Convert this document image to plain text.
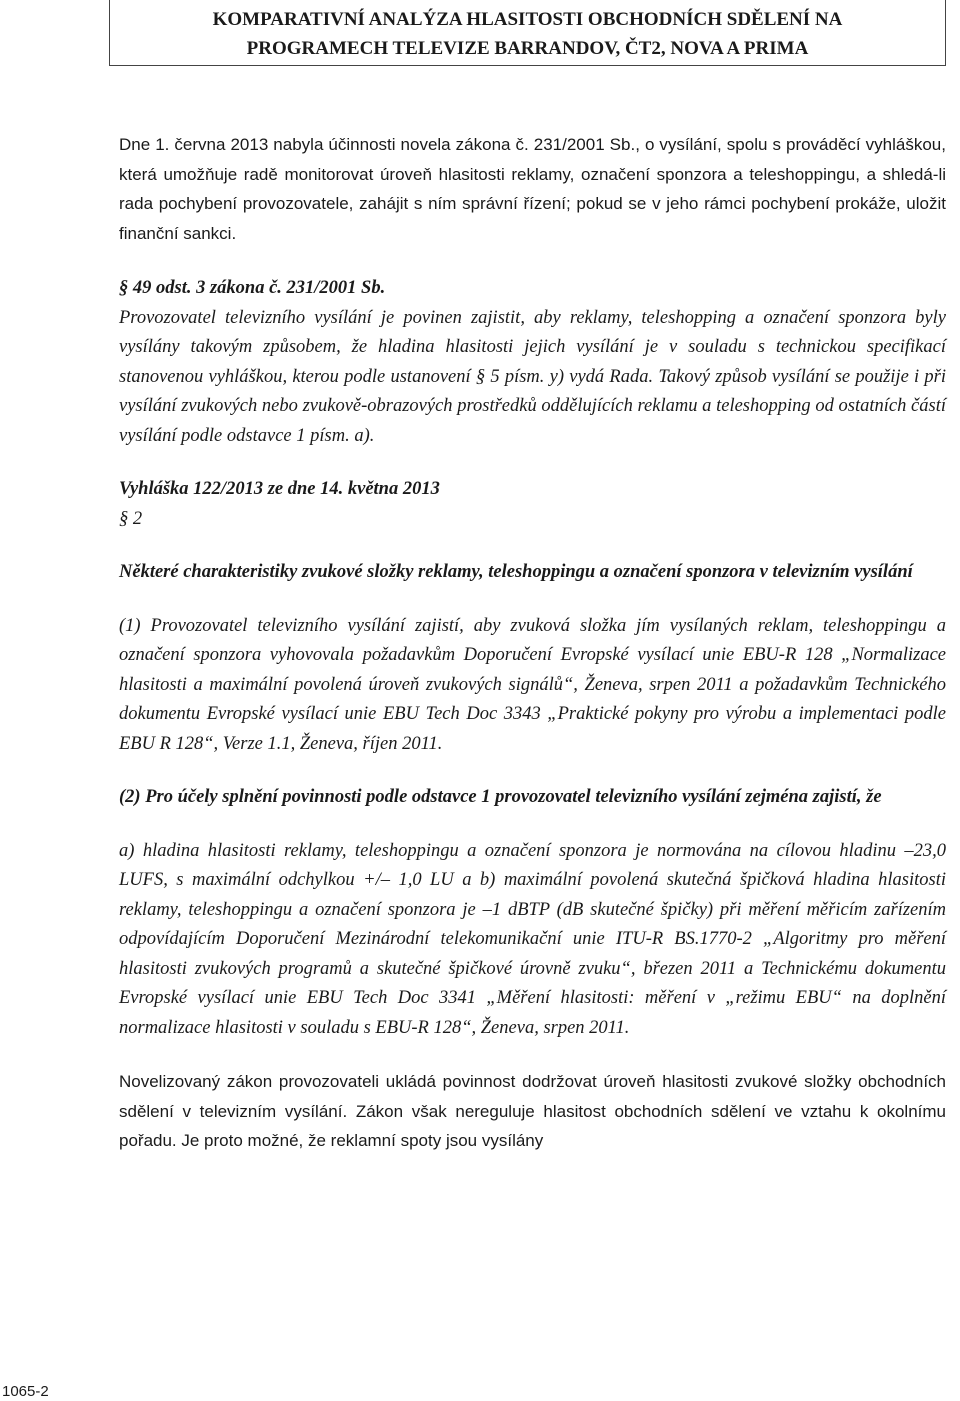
KOMPARATIVNÍ ANALÝZA HLASITOSTI OBCHODNÍCH SDĚLENÍ NA
PROGRAMECH TELEVIZE BARRANDOV, ČT2, NOVA A PRIMA

Dne 1. června 2013 nabyla účinnosti novela zákona č. 231/2001 Sb., o vysílání, spolu s prováděcí vyhláškou, která umožňuje radě monitorovat úroveň hlasitosti reklamy, označení sponzora a teleshoppingu, a shledá-li rada pochybení provozovatele, zahájit s ním správní řízení; pokud se v jeho rámci pochybení prokáže, uložit finanční sankci.

§ 49 odst. 3 zákona č. 231/2001 Sb.

Provozovatel televizního vysílání je povinen zajistit, aby reklamy, teleshopping a označení sponzora byly vysílány takovým způsobem, že hladina hlasitosti jejich vysílání je v souladu s technickou specifikací stanovenou vyhláškou, kterou podle ustanovení § 5 písm. y) vydá Rada. Takový způsob vysílání se použije i při vysílání zvukových nebo zvukově-obrazových prostředků oddělujících reklamu a teleshopping od ostatních částí vysílání podle odstavce 1 písm. a).

Vyhláška 122/2013 ze dne 14. května 2013

§ 2

Některé charakteristiky zvukové složky reklamy, teleshoppingu a označení sponzora v televizním vysílání

(1) Provozovatel televizního vysílání zajistí, aby zvuková složka jím vysílaných reklam, teleshoppingu a označení sponzora vyhovovala požadavkům Doporučení Evropské vysílací unie EBU-R 128 „Normalizace hlasitosti a maximální povolená úroveň zvukových signálů“, Ženeva, srpen 2011 a požadavkům Technického dokumentu Evropské vysílací unie EBU Tech Doc 3343 „Praktické pokyny pro výrobu a implementaci podle EBU R 128“, Verze 1.1, Ženeva, říjen 2011.

(2) Pro účely splnění povinnosti podle odstavce 1 provozovatel televizního vysílání zejména zajistí, že

a) hladina hlasitosti reklamy, teleshoppingu a označení sponzora je normována na cílovou hladinu –23,0 LUFS, s maximální odchylkou +/– 1,0 LU a b) maximální povolená skutečná špičková hladina hlasitosti reklamy, teleshoppingu a označení sponzora je –1 dBTP (dB skutečné špičky) při měření měřicím zařízením odpovídajícím Doporučení Mezinárodní telekomunikační unie ITU-R BS.1770-2 „Algoritmy pro měření hlasitosti zvukových programů a skutečné špičkové úrovně zvuku“, březen 2011 a Technickému dokumentu Evropské vysílací unie EBU Tech Doc 3341 „Měření hlasitosti: měření v „režimu EBU“ na doplnění normalizace hlasitosti v souladu s EBU-R 128“, Ženeva, srpen 2011.

Novelizovaný zákon provozovateli ukládá povinnost dodržovat úroveň hlasitosti zvukové složky obchodních sdělení v televizním vysílání. Zákon však nereguluje hlasitost obchodních sdělení ve vztahu k okolnímu pořadu. Je proto možné, že reklamní spoty jsou vysílány

1065-2
